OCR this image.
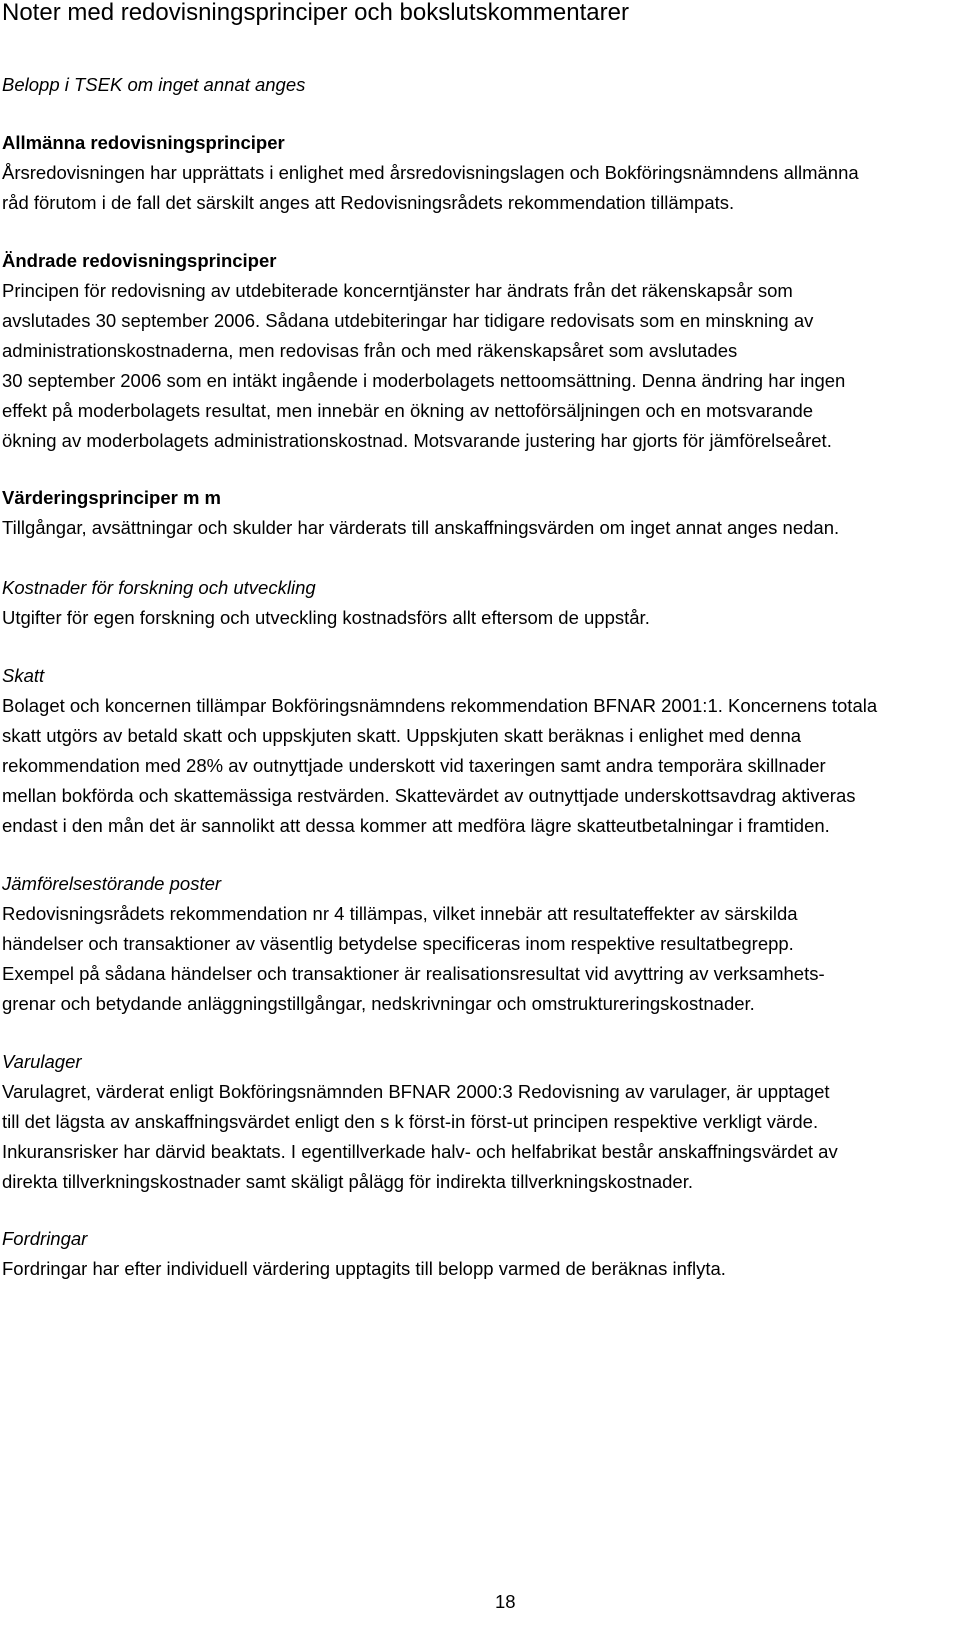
Noter med redovisningsprinciper och bokslutskommentarer

Belopp i TSEK om inget annat anges

Allmänna redovisningsprinciper
Årsredovisningen har upprättats i enlighet med årsredovisningslagen och Bokföringsnämndens allmänna
råd förutom i de fall det särskilt anges att Redovisningsrådets rekommendation tillämpats.
Ändrade redovisningsprinciper
Principen för redovisning av utdebiterade koncerntjänster har ändrats från det räkenskapsår som
avslutades 30 september 2006. Sådana utdebiteringar har tidigare redovisats som en minskning av
administrationskostnaderna, men redovisas från och med räkenskapsåret som avslutades
30 september 2006 som en intäkt ingående i moderbolagets nettoomsättning. Denna ändring har ingen
effekt på moderbolagets resultat, men innebär en ökning av nettoförsäljningen och en motsvarande
ökning av moderbolagets administrationskostnad. Motsvarande justering har gjorts för jämförelseåret.
Värderingsprinciper m m
Tillgångar, avsättningar och skulder har värderats till anskaffningsvärden om inget annat anges nedan.
Kostnader för forskning och utveckling
Utgifter för egen forskning och utveckling kostnadsförs allt eftersom de uppstår.
Skatt
Bolaget och koncernen tillämpar Bokföringsnämndens rekommendation BFNAR 2001:1. Koncernens totala
skatt utgörs av betald skatt och uppskjuten skatt. Uppskjuten skatt beräknas i enlighet med denna
rekommendation med 28% av outnyttjade underskott vid taxeringen samt andra temporära skillnader
mellan bokförda och skattemässiga restvärden. Skattevärdet av outnyttjade underskottsavdrag aktiveras
endast i den mån det är sannolikt att dessa kommer att medföra lägre skatteutbetalningar i framtiden.
Jämförelsestörande poster
Redovisningsrådets rekommendation nr 4 tillämpas, vilket innebär att resultateffekter av särskilda
händelser och transaktioner av väsentlig betydelse specificeras inom respektive resultatbegrepp.
Exempel på sådana händelser och transaktioner är realisationsresultat vid avyttring av verksamhets-
grenar och betydande anläggningstillgångar, nedskrivningar och omstruktureringskostnader.
Varulager
Varulagret, värderat enligt Bokföringsnämnden BFNAR 2000:3 Redovisning av varulager, är upptaget
till det lägsta av anskaffningsvärdet enligt den s k först-in först-ut principen respektive verkligt värde.
Inkuransrisker har därvid beaktats. I egentillverkade halv- och helfabrikat består anskaffningsvärdet av
direkta tillverkningskostnader samt skäligt pålägg för indirekta tillverkningskostnader.
Fordringar
Fordringar har efter individuell värdering upptagits till belopp varmed de beräknas inflyta.

18
